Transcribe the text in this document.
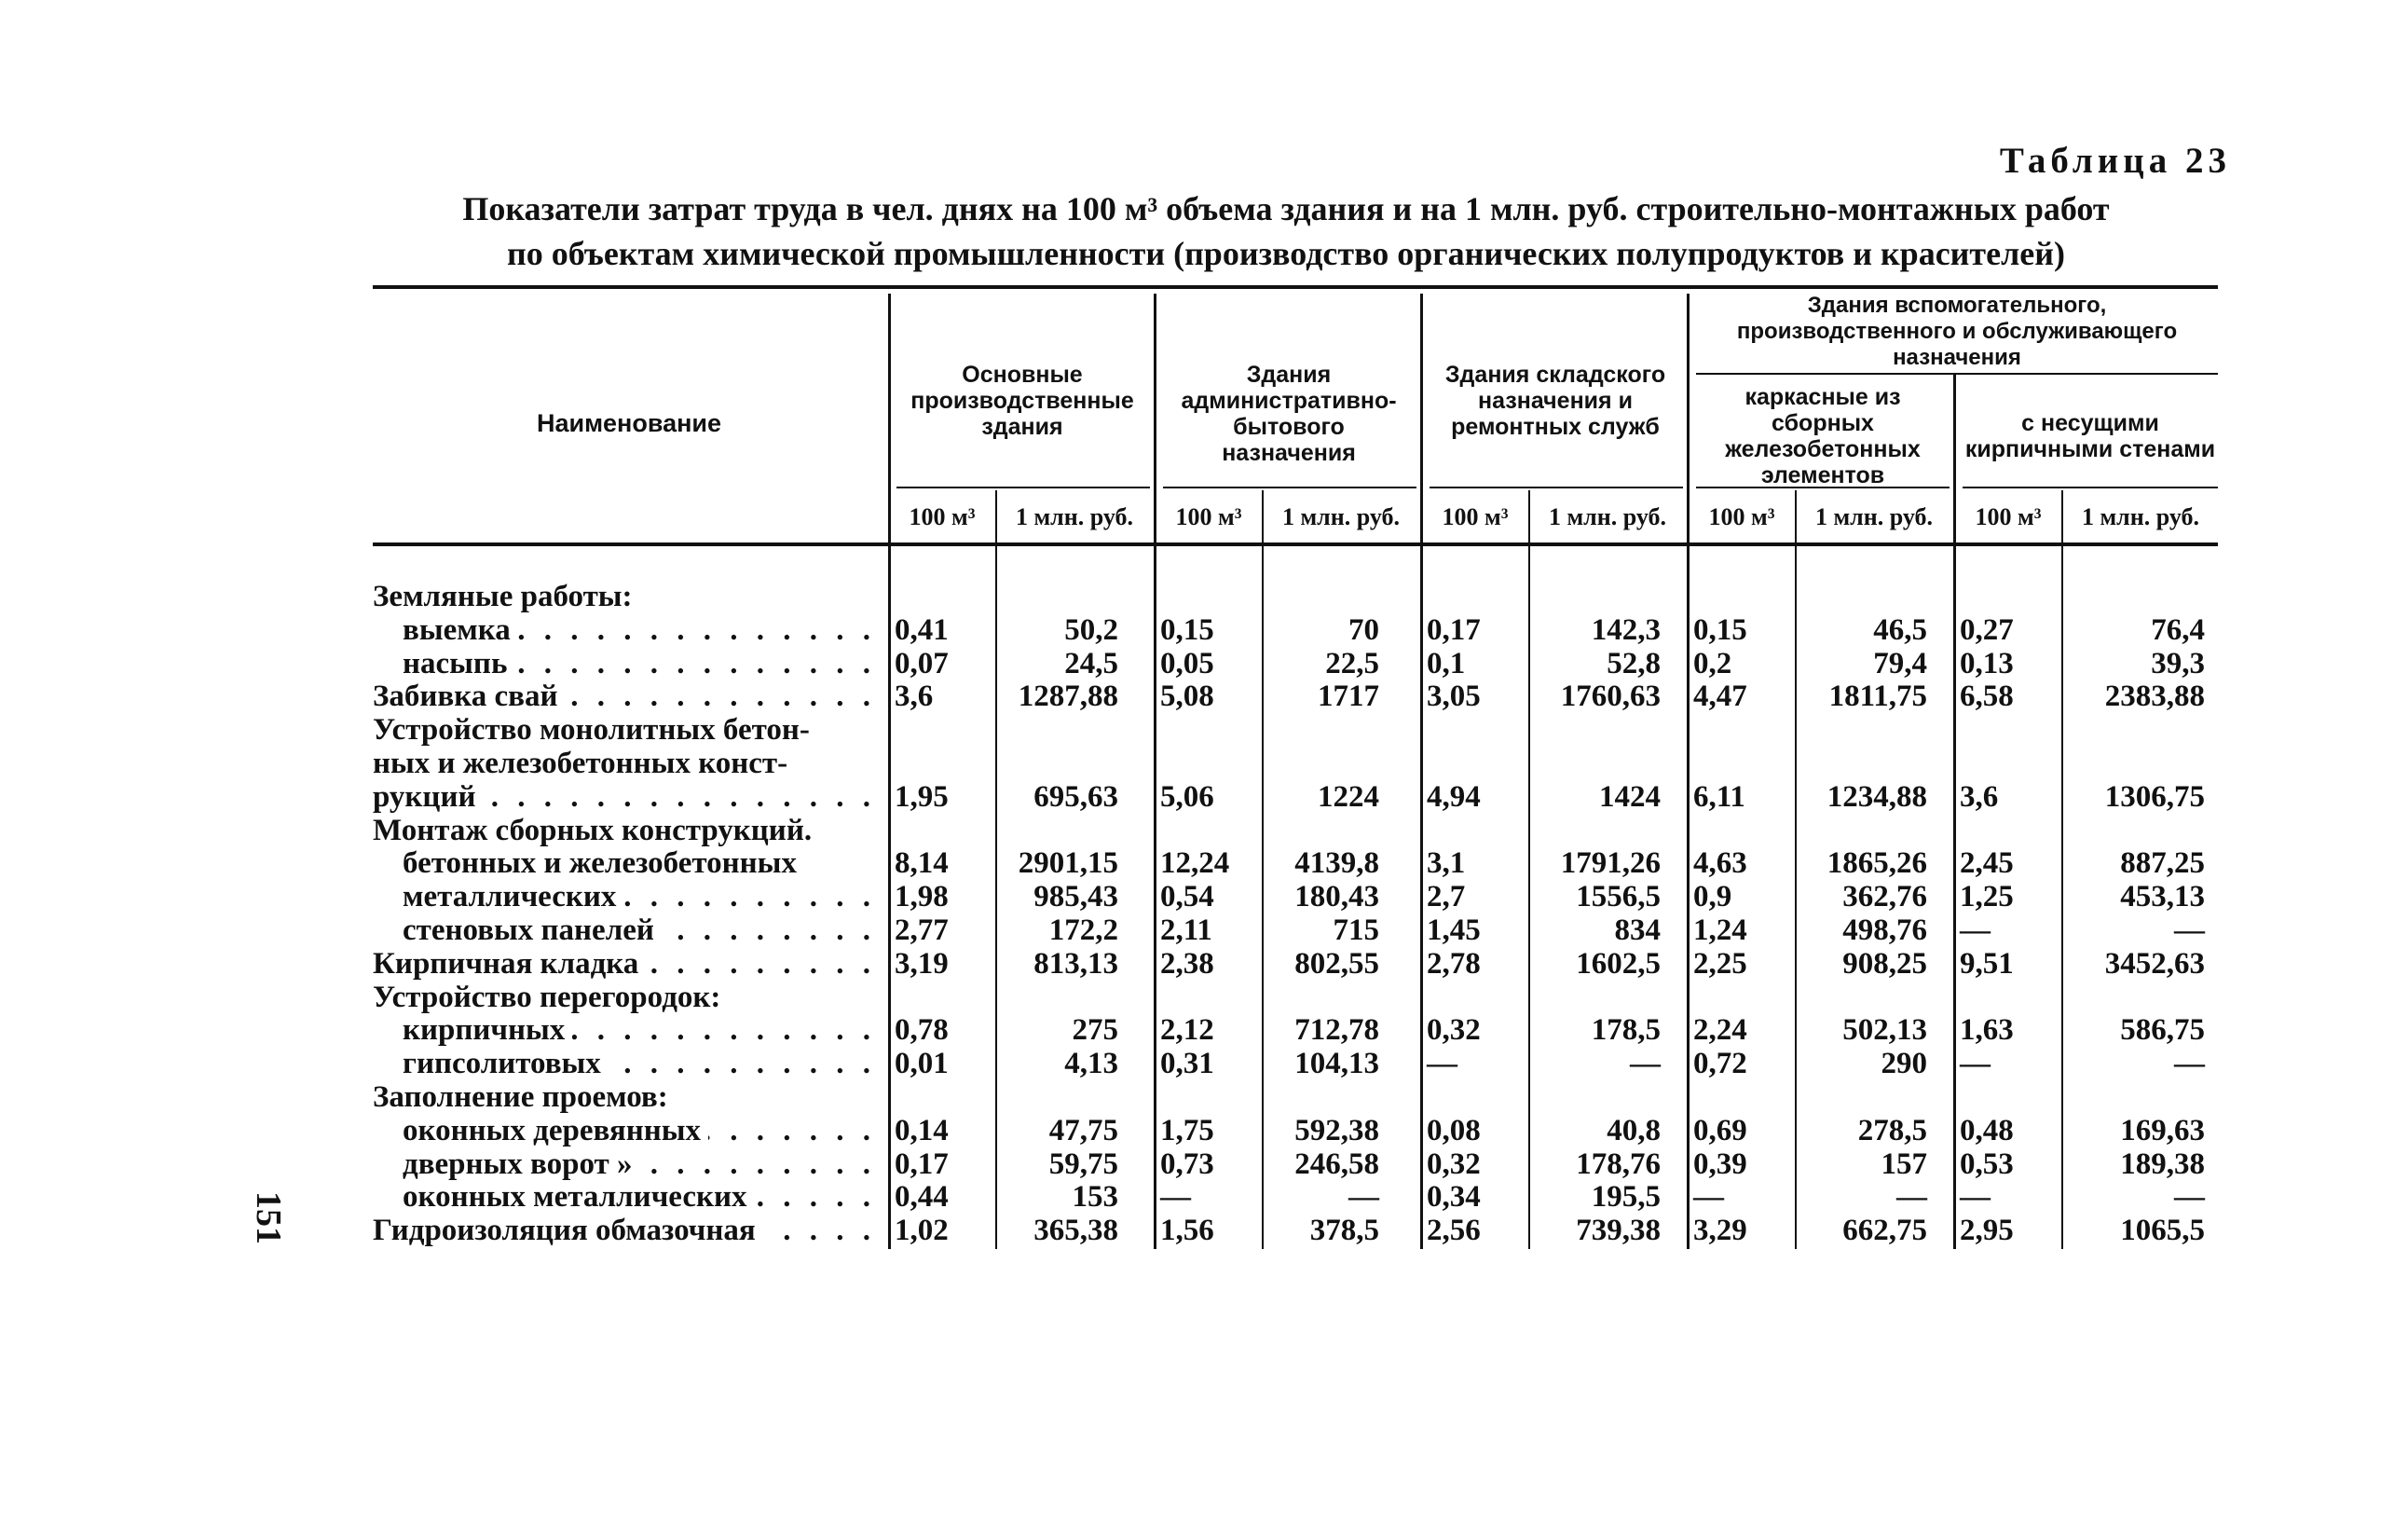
Таблица 23
Показатели затрат труда в чел. днях на 100 м³ объема здания и на 1 млн. руб. строительно-монтажных работ
по объектам химической промышленности (производство органических полупродуктов и красителей)
151
Наименование
Основные производственные здания
Здания административно-бытового назначения
Здания складского назначения и ремонтных служб
Здания вспомогательного, производственного и обслуживающего назначения
каркасные из сборных железобетонных элементов
с несущими кирпичными стенами
100 м³	1 млн. руб.	100 м³	1 млн. руб.	100 м³	1 млн. руб.	100 м³	1 млн. руб.	100 м³	1 млн. руб.
Земляные работы:
выемка . . .	0,41	50,2 0,15	70 0,17	142,3 0,15	46,5 0,27	76,4
насыпь . . .	0,07	24,5 0,05	22,5 0,1	52,8 0,2	79,4 0,13	39,3
Забивка свай . . .	3,6	1287,88 5,08	1717 3,05	1760,63 4,47	1811,75 6,58	2383,88
Устройство монолитных бетон-
ных и железобетонных конст-
рукций . . .	1,95	695,63 5,06	1224 4,94	1424 6,11	1234,88 3,6	1306,75
Монтаж сборных конструкций.
бетонных и железобетонных	8,14	2901,15 12,24	4139,8 3,1	1791,26 4,63	1865,26 2,45	887,25
металлических . . .	1,98	985,43 0,54	180,43 2,7	1556,5 0,9	362,76 1,25	453,13
стеновых панелей . . .	2,77	172,2 2,11	715 1,45	834 1,24	498,76 —	—
Кирпичная кладка . . .	3,19	813,13 2,38	802,55 2,78	1602,5 2,25	908,25 9,51	3452,63
Устройство перегородок:
кирпичных . . .	0,78	275 2,12	712,78 0,32	178,5 2,24	502,13 1,63	586,75
гипсолитовых . . .	0,01	4,13 0,31	104,13 —	— 0,72	290 —	—
Заполнение проемов:
оконных деревянных . . .	0,14	47,75 1,75	592,38 0,08	40,8 0,69	278,5 0,48	169,63
дверных ворот » . . .	0,17	59,75 0,73	246,58 0,32	178,76 0,39	157 0,53	189,38
оконных металлических . . .	0,44	153 —	— 0,34	195,5 —	— —	—
Гидроизоляция обмазочная . . .	1,02	365,38 1,56	378,5 2,56	739,38 3,29	662,75 2,95	1065,5
